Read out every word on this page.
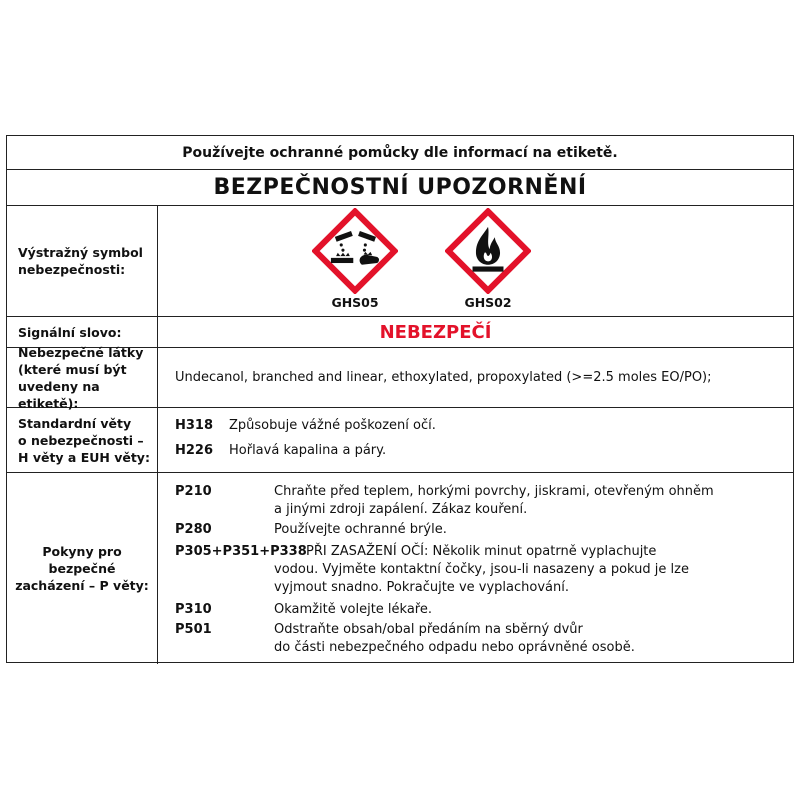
Používejte ochranné pomůcky dle informací na etiketě.
BEZPEČNOSTNÍ UPOZORNĚNÍ
Výstražný symbol
nebezpečnosti:
GHS05	GHS02
Signální slovo:	NEBEZPEČÍ
Nebezpečné látky
(které musí být
uvedeny na etiketě):
Undecanol, branched and linear, ethoxylated, propoxylated (>=2.5 moles EO/PO);
Standardní věty
o nebezpečnosti –
H věty a EUH věty:
H318 Způsobuje vážné poškození očí.
H226 Hořlavá kapalina a páry.
Pokyny pro bezpečné
zacházení – P věty:
P210	Chraňte před teplem, horkými povrchy, jiskrami, otevřeným ohněm
a jinými zdroji zapálení. Zákaz kouření.
P280	Používejte ochranné brýle.
P305+P351+P338 PŘI ZASAŽENÍ OČÍ: Několik minut opatrně vyplachujte
vodou. Vyjměte kontaktní čočky, jsou-li nasazeny a pokud je lze
vyjmout snadno. Pokračujte ve vyplachování.
P310	Okamžitě volejte lékaře.
P501	Odstraňte obsah/obal předáním na sběrný dvůr
do části nebezpečného odpadu nebo oprávněné osobě.
